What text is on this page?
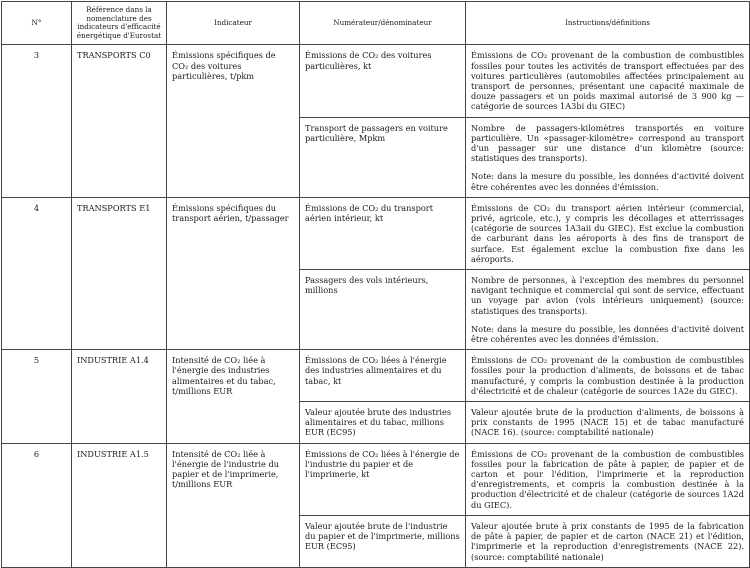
N°	Référence dans la nomenclature des indicateurs d'efficacité énergétique d'Eurostat	Indicateur	Numérateur/dénominateur	Instructions/définitions
3	TRANSPORTS C0	Émissions spécifiques de CO₂ des voitures particulières, t/pkm	Émissions de CO₂ des voitures particulières, kt	Émissions de CO₂ provenant de la combustion de combustibles fossiles pour toutes les activités de transport effectuées par des voitures particulières (automobiles affectées principalement au transport de personnes, présentant une capacité maximale de douze passagers et un poids maximal autorisé de 3 900 kg — catégorie de sources 1A3bi du GIEC)

			Transport de passagers en voiture particulière, Mpkm	Nombre de passagers-kilomètres transportés en voiture particulière. Un «passager-kilomètre» correspond au transport d'un passager sur une distance d'un kilomètre (source: statistiques des transports).

Note: dans la mesure du possible, les données d'activité doivent être cohérentes avec les données d'émission.

4	TRANSPORTS E1	Émissions spécifiques du transport aérien, t/passager	Émissions de CO₂ du transport aérien intérieur, kt	Émissions de CO₂ du transport aérien intérieur (commercial, privé, agricole, etc.), y compris les décollages et atterrissages (catégorie de sources 1A3aii du GIEC). Est exclue la combustion de carburant dans les aéroports à des fins de transport de surface. Est également exclue la combustion fixe dans les aéroports.

			Passagers des vols intérieurs, millions	Nombre de personnes, à l'exception des membres du personnel navigant technique et commercial qui sont de service, effectuant un voyage par avion (vols intérieurs uniquement) (source: statistiques des transports).

Note: dans la mesure du possible, les données d'activité doivent être cohérentes avec les données d'émission.

5	INDUSTRIE A1.4	Intensité de CO₂ liée à l'énergie des industries alimentaires et du tabac, t/millions EUR	Émissions de CO₂ liées à l'énergie des industries alimentaires et du tabac, kt	Émissions de CO₂ provenant de la combustion de combustibles fossiles pour la production d'aliments, de boissons et de tabac manufacturé, y compris la combustion destinée à la production d'électricité et de chaleur (catégorie de sources 1A2e du GIEC).

			Valeur ajoutée brute des industries alimentaires et du tabac, millions EUR (EC95)	Valeur ajoutée brute de la production d'aliments, de boissons à prix constants de 1995 (NACE 15) et de tabac manufacturé (NACE 16). (source: comptabilité nationale)

6	INDUSTRIE A1.5	Intensité de CO₂ liée à l'énergie de l'industrie du papier et de l'imprimerie, t/millions EUR	Émissions de CO₂ liées à l'énergie de l'industrie du papier et de l'imprimerie, kt	Émissions de CO₂ provenant de la combustion de combustibles fossiles pour la fabrication de pâte à papier, de papier et de carton et pour l'édition, l'imprimerie et la reproduction d'enregistrements, et compris la combustion destinée à la production d'électricité et de chaleur (catégorie de sources 1A2d du GIEC).

			Valeur ajoutée brute de l'industrie du papier et de l'imprimerie, millions EUR (EC95)	Valeur ajoutée brute à prix constants de 1995 de la fabrication de pâte à papier, de papier et de carton (NACE 21) et l'édition, l'imprimerie et la reproduction d'enregistrements (NACE 22). (source: comptabilité nationale)
